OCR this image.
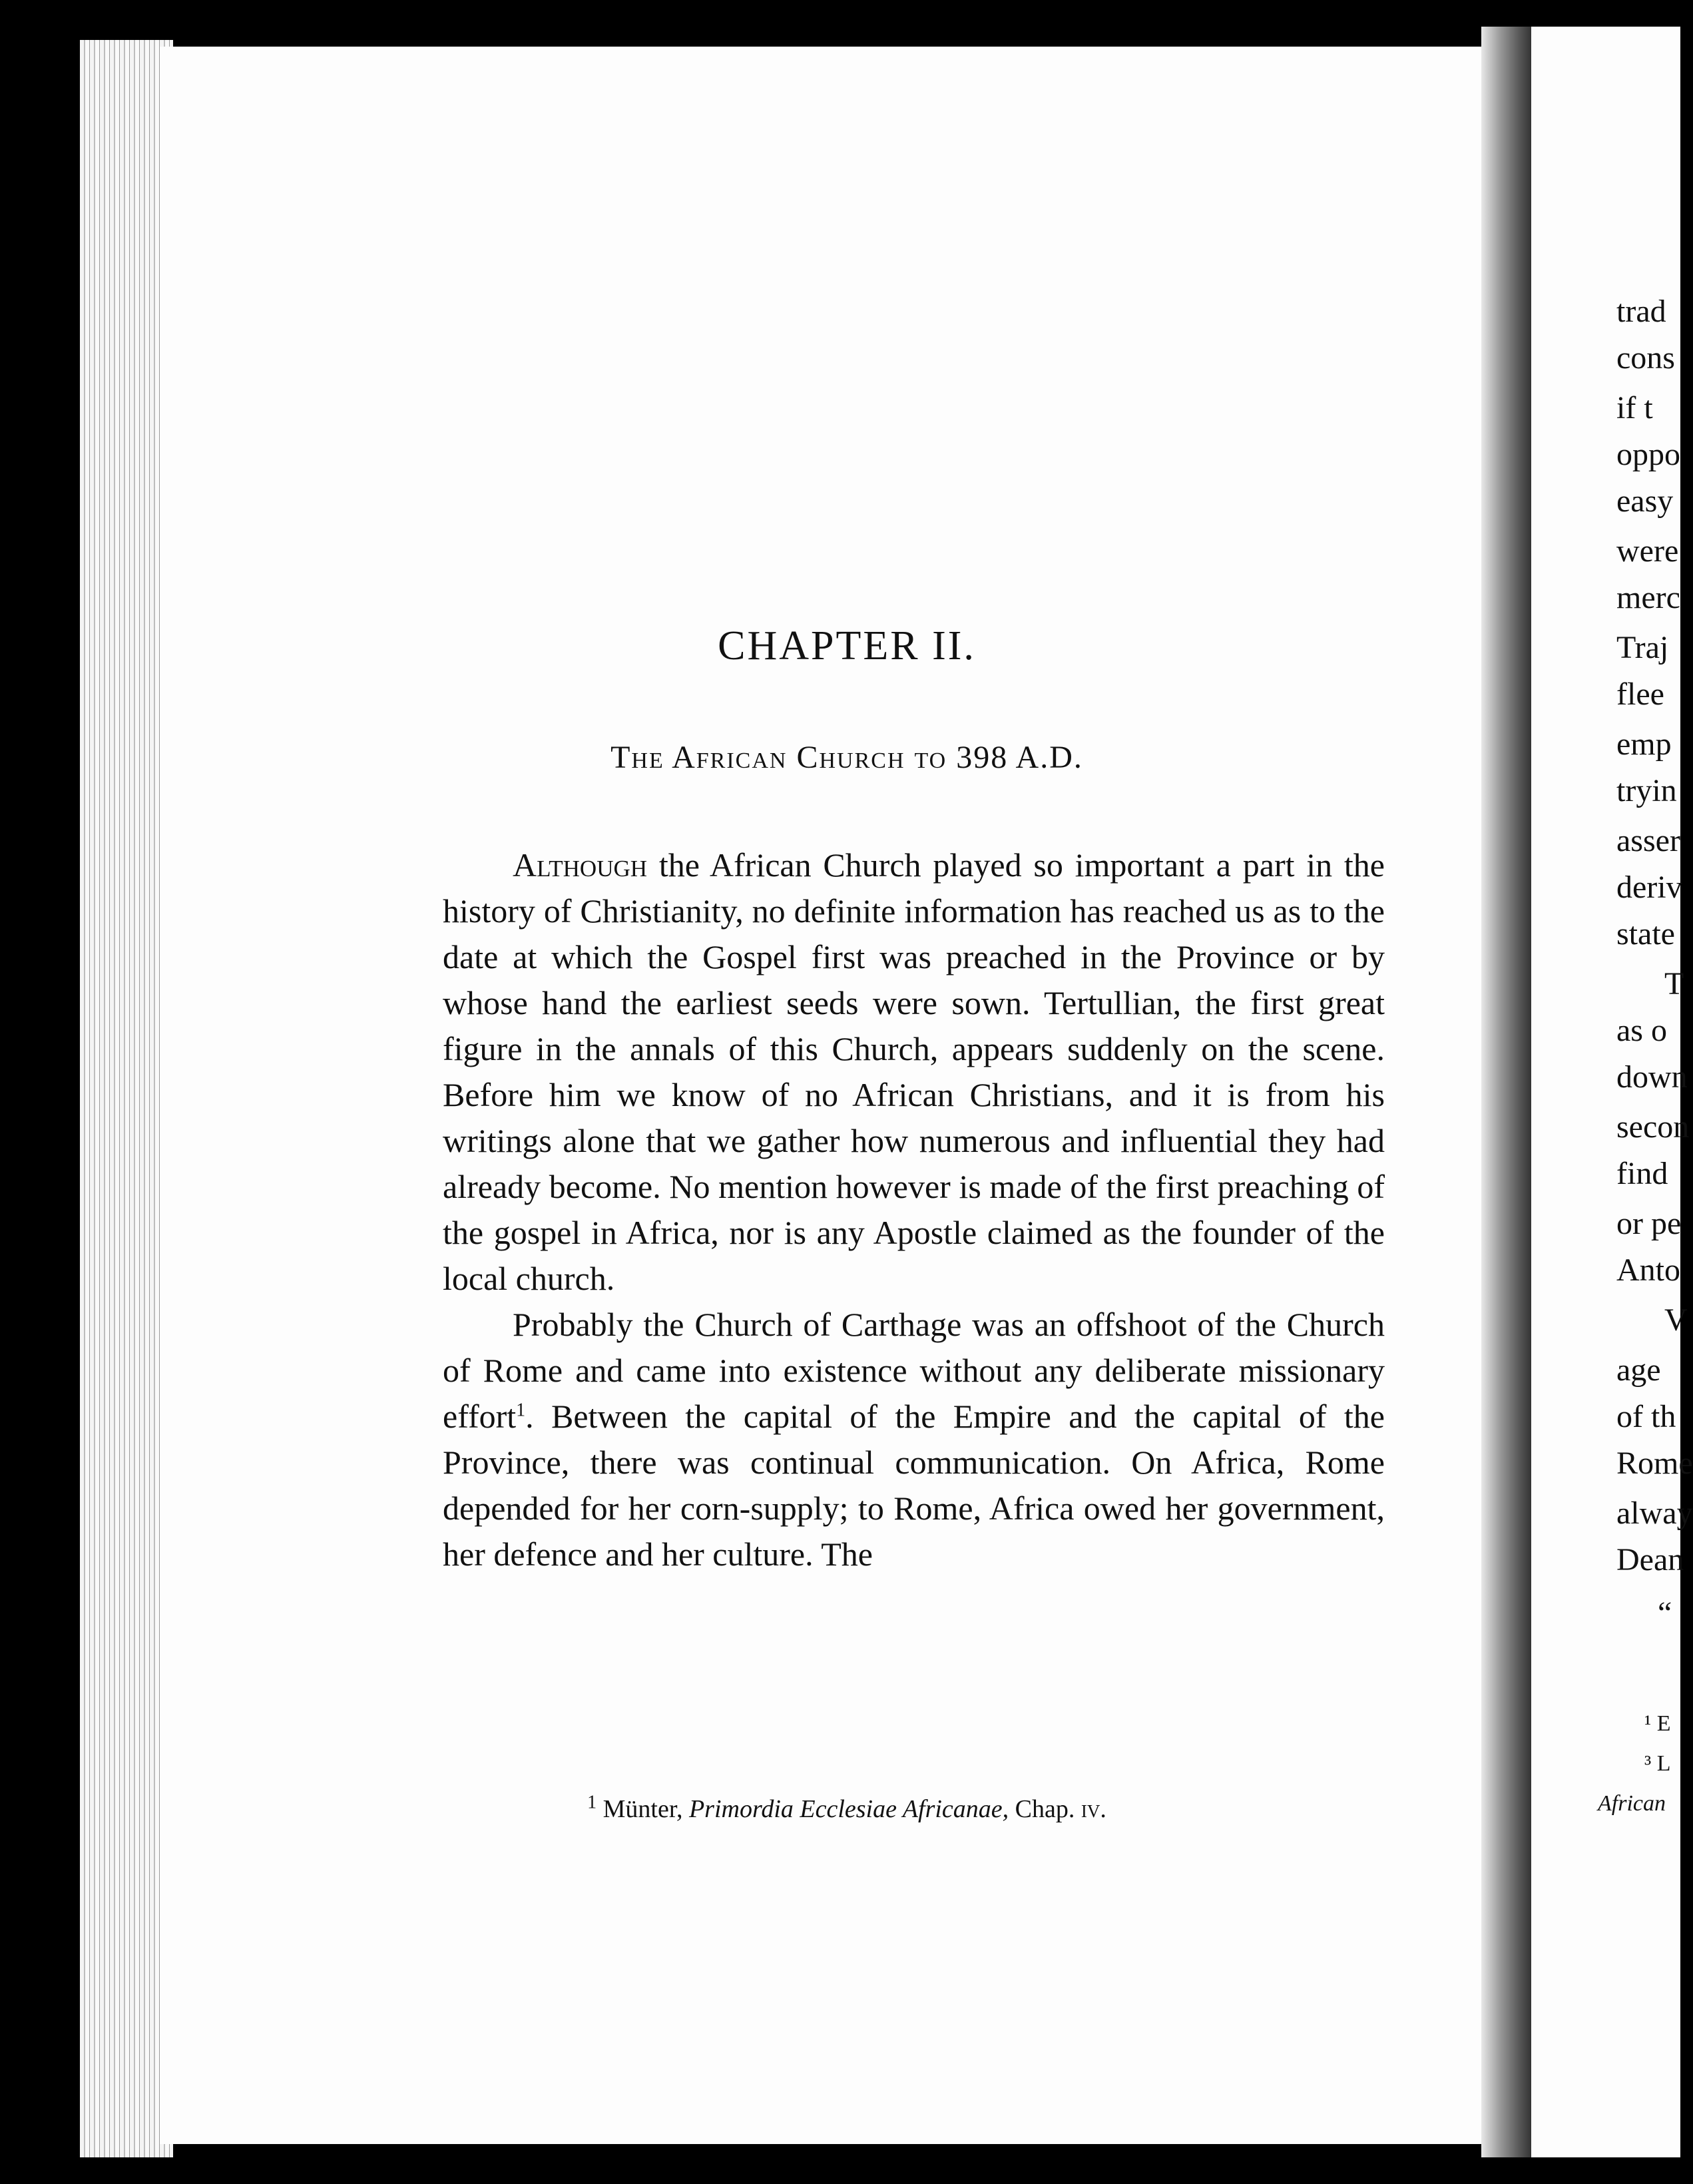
CHAPTER II.
The African Church to 398 A.D.

Although the African Church played so important a part in the history of Christianity, no definite information has reached us as to the date at which the Gospel first was preached in the Province or by whose hand the earliest seeds were sown. Tertullian, the first great figure in the annals of this Church, appears suddenly on the scene. Before him we know of no African Christians, and it is from his writings alone that we gather how numerous and influential they had already become. No mention however is made of the first preaching of the gospel in Africa, nor is any Apostle claimed as the founder of the local church.

Probably the Church of Carthage was an offshoot of the Church of Rome and came into existence without any deliberate missionary effort$^1$. Between the capital of the Empire and the capital of the Province, there was continual communication. On Africa, Rome depended for her corn-supply; to Rome, Africa owed her government, her defence and her culture. The

$^1$ Münter, Primordia Ecclesiae Africanae, Chap. iv.
trad
cons
if t
oppo
easy
were
merc
Traj
flee
emp
tryin
asser
deriv
state
T
as o
down
secon
find
or pe
Anto
V
age
of th
Rome
alway
Dean
“
¹ E
³ L
African
